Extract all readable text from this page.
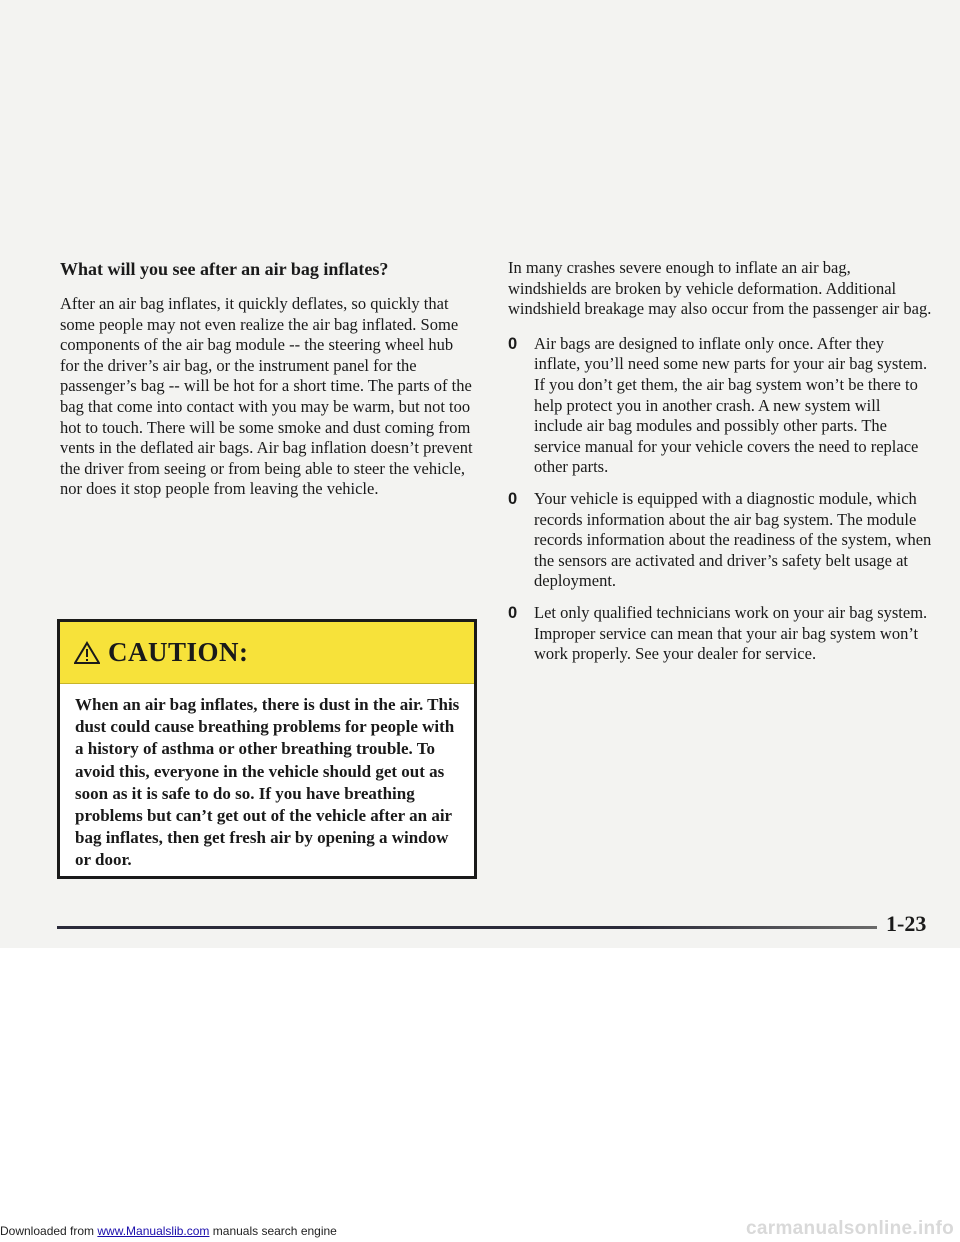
What will you see after an air bag inflates?

After an air bag inflates, it quickly deflates, so quickly that some people may not even realize the air bag inflated. Some components of the air bag module -- the steering wheel hub for the driver’s air bag, or the instrument panel for the passenger’s bag -- will be hot for a short time. The parts of the bag that come into contact with you may be warm, but not too hot to touch. There will be some smoke and dust coming from vents in the deflated air bags. Air bag inflation doesn’t prevent the driver from seeing or from being able to steer the vehicle, nor does it stop people from leaving the vehicle.

CAUTION:

When an air bag inflates, there is dust in the air. This dust could cause breathing problems for people with a history of asthma or other breathing trouble. To avoid this, everyone in the vehicle should get out as soon as it is safe to do so. If you have breathing problems but can’t get out of the vehicle after an air bag inflates, then get fresh air by opening a window or door.

In many crashes severe enough to inflate an air bag, windshields are broken by vehicle deformation. Additional windshield breakage may also occur from the passenger air bag.

0 Air bags are designed to inflate only once. After they inflate, you’ll need some new parts for your air bag system. If you don’t get them, the air bag system won’t be there to help protect you in another crash. A new system will include air bag modules and possibly other parts. The service manual for your vehicle covers the need to replace other parts.

0 Your vehicle is equipped with a diagnostic module, which records information about the air bag system. The module records information about the readiness of the system, when the sensors are activated and driver’s safety belt usage at deployment.

0 Let only qualified technicians work on your air bag system. Improper service can mean that your air bag system won’t work properly. See your dealer for service.

1-23
Downloaded from www.Manualslib.com manuals search engine	carmanualsonline.info
